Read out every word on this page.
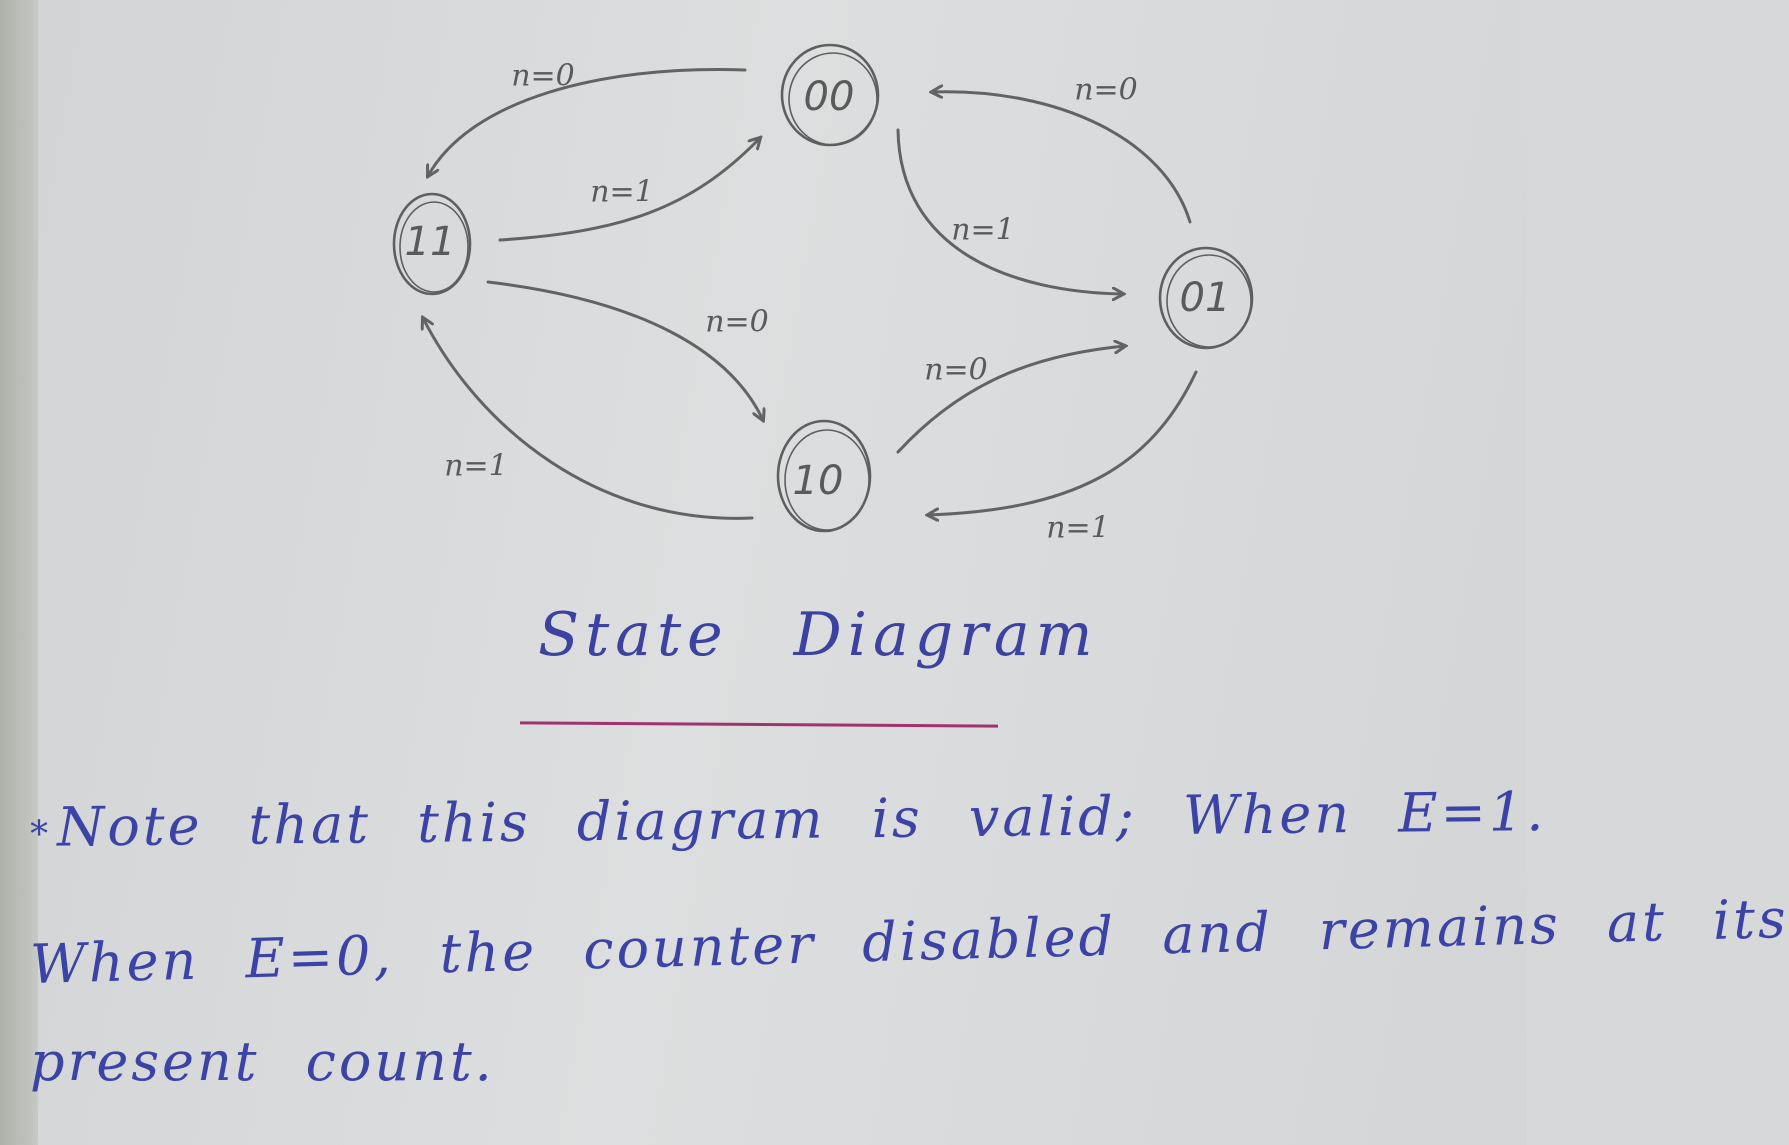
n=0
n=1
n=0
n=1
n=0
n=1
n=0
n=1
00
01
10
11
State Diagram

*Note that this diagram is valid; When E=1.

When E=0, the counter disabled and remains at its

present count.
